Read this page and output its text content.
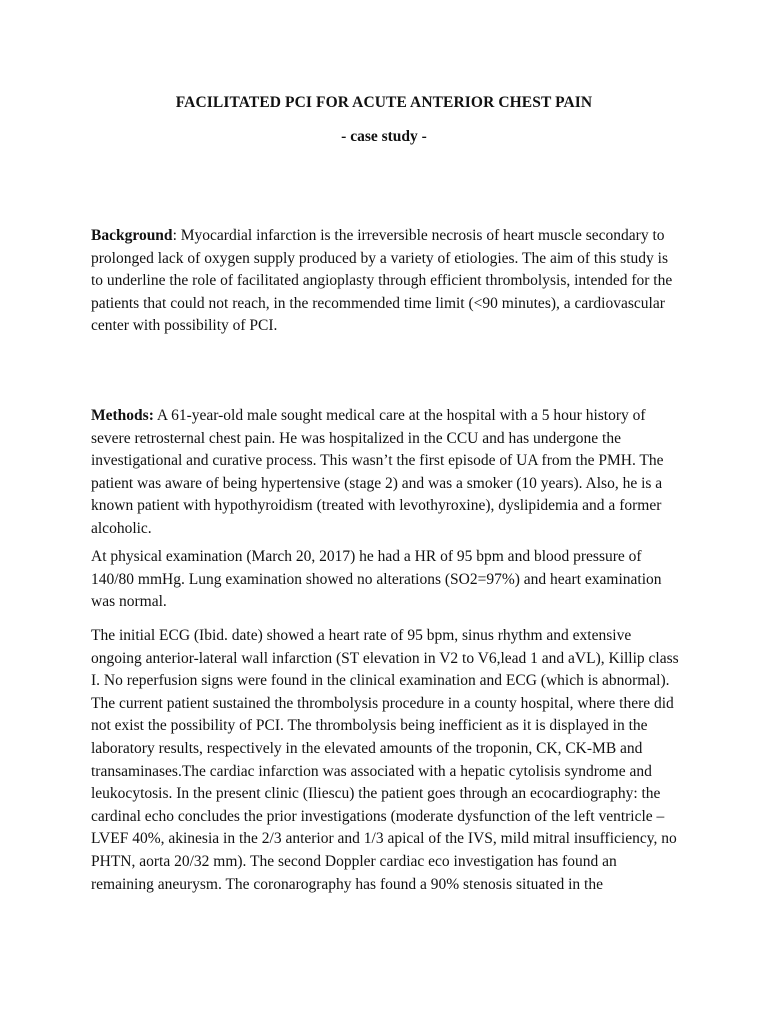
FACILITATED PCI FOR ACUTE ANTERIOR CHEST PAIN
- case study -

Background: Myocardial infarction is the irreversible necrosis of heart muscle secondary to prolonged lack of oxygen supply produced by a variety of etiologies. The aim of this study is to underline the role of facilitated angioplasty through efficient thrombolysis, intended for the patients that could not reach, in the recommended time limit (<90 minutes), a cardiovascular center with possibility of PCI.

Methods: A 61-year-old male sought medical care at the hospital with a 5 hour history of severe retrosternal chest pain. He was hospitalized in the CCU and has undergone the investigational and curative process. This wasn’t the first episode of UA from the PMH. The patient was aware of being hypertensive (stage 2) and was a smoker (10 years). Also, he is a known patient with hypothyroidism (treated with levothyroxine), dyslipidemia and a former alcoholic.

At physical examination (March 20, 2017) he had a HR of 95 bpm and blood pressure of 140/80 mmHg. Lung examination showed no alterations (SO2=97%) and heart examination was normal.

The initial ECG (Ibid. date) showed a heart rate of 95 bpm, sinus rhythm and extensive ongoing anterior-lateral wall infarction (ST elevation in V2 to V6,lead 1 and aVL), Killip class I. No reperfusion signs were found in the clinical examination and ECG (which is abnormal).

The current patient sustained the thrombolysis procedure in a county hospital, where there did not exist the possibility of PCI. The thrombolysis being inefficient as it is displayed in the laboratory results, respectively in the elevated amounts of the troponin, CK, CK-MB and transaminases.The cardiac infarction was associated with a hepatic cytolisis syndrome and leukocytosis. In the present clinic (Iliescu) the patient goes through an ecocardiography: the cardinal echo concludes the prior investigations (moderate dysfunction of the left ventricle –LVEF 40%, akinesia in the 2/3 anterior and 1/3 apical of the IVS, mild mitral insufficiency, no PHTN, aorta 20/32 mm). The second Doppler cardiac eco investigation has found an remaining aneurysm. The coronarography has found a 90% stenosis situated in the
